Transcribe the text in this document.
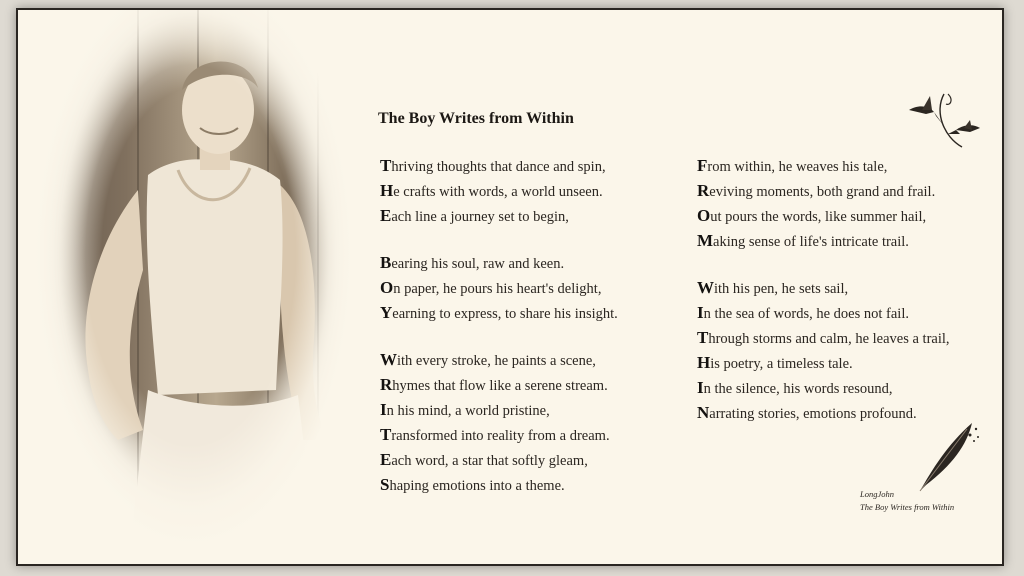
The Boy Writes from Within
Thriving thoughts that dance and spin,
He crafts with words, a world unseen.
Each line a journey set to begin,
Bearing his soul, raw and keen.
On paper, he pours his heart's delight,
Yearning to express, to share his insight.
With every stroke, he paints a scene,
Rhymes that flow like a serene stream.
In his mind, a world pristine,
Transformed into reality from a dream.
Each word, a star that softly gleam,
Shaping emotions into a theme.
From within, he weaves his tale,
Reviving moments, both grand and frail.
Out pours the words, like summer hail,
Making sense of life's intricate trail.
With his pen, he sets sail,
In the sea of words, he does not fail.
Through storms and calm, he leaves a trail,
His poetry, a timeless tale.
In the silence, his words resound,
Narrating stories, emotions profound.
LongJohn
The Boy Writes from Within
